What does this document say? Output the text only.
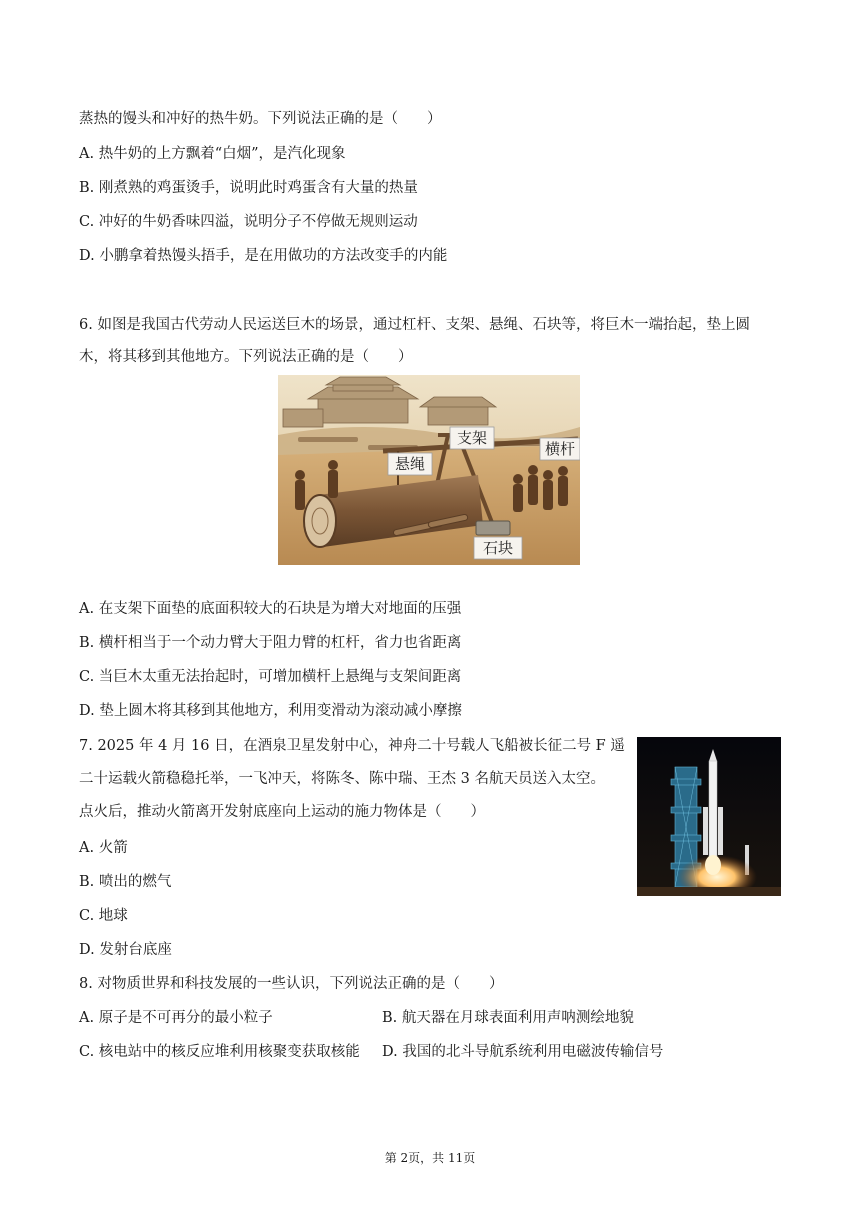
蒸热的馒头和冲好的热牛奶。下列说法正确的是（　　）
A. 热牛奶的上方飘着“白烟”，是汽化现象
B. 刚煮熟的鸡蛋烫手，说明此时鸡蛋含有大量的热量
C. 冲好的牛奶香味四溢，说明分子不停做无规则运动
D. 小鹏拿着热馒头捂手，是在用做功的方法改变手的内能
6. 如图是我国古代劳动人民运送巨木的场景，通过杠杆、支架、悬绳、石块等，将巨木一端抬起，垫上圆
木，将其移到其他地方。下列说法正确的是（　　）
支架
横杆
悬绳
石块
A. 在支架下面垫的底面积较大的石块是为增大对地面的压强
B. 横杆相当于一个动力臂大于阻力臂的杠杆，省力也省距离
C. 当巨木太重无法抬起时，可增加横杆上悬绳与支架间距离
D. 垫上圆木将其移到其他地方，利用变滑动为滚动减小摩擦
7. 2025 年 4 月 16 日，在酒泉卫星发射中心，神舟二十号载人飞船被长征二号 F 遥
二十运载火箭稳稳托举，一飞冲天，将陈冬、陈中瑞、王杰 3 名航天员送入太空。
点火后，推动火箭离开发射底座向上运动的施力物体是（　　）
A. 火箭
B. 喷出的燃气
C. 地球
D. 发射台底座
8. 对物质世界和科技发展的一些认识，下列说法正确的是（　　）
A. 原子是不可再分的最小粒子	B. 航天器在月球表面利用声呐测绘地貌
C. 核电站中的核反应堆利用核聚变获取核能 D. 我国的北斗导航系统利用电磁波传输信号
第 2页，共 11页
